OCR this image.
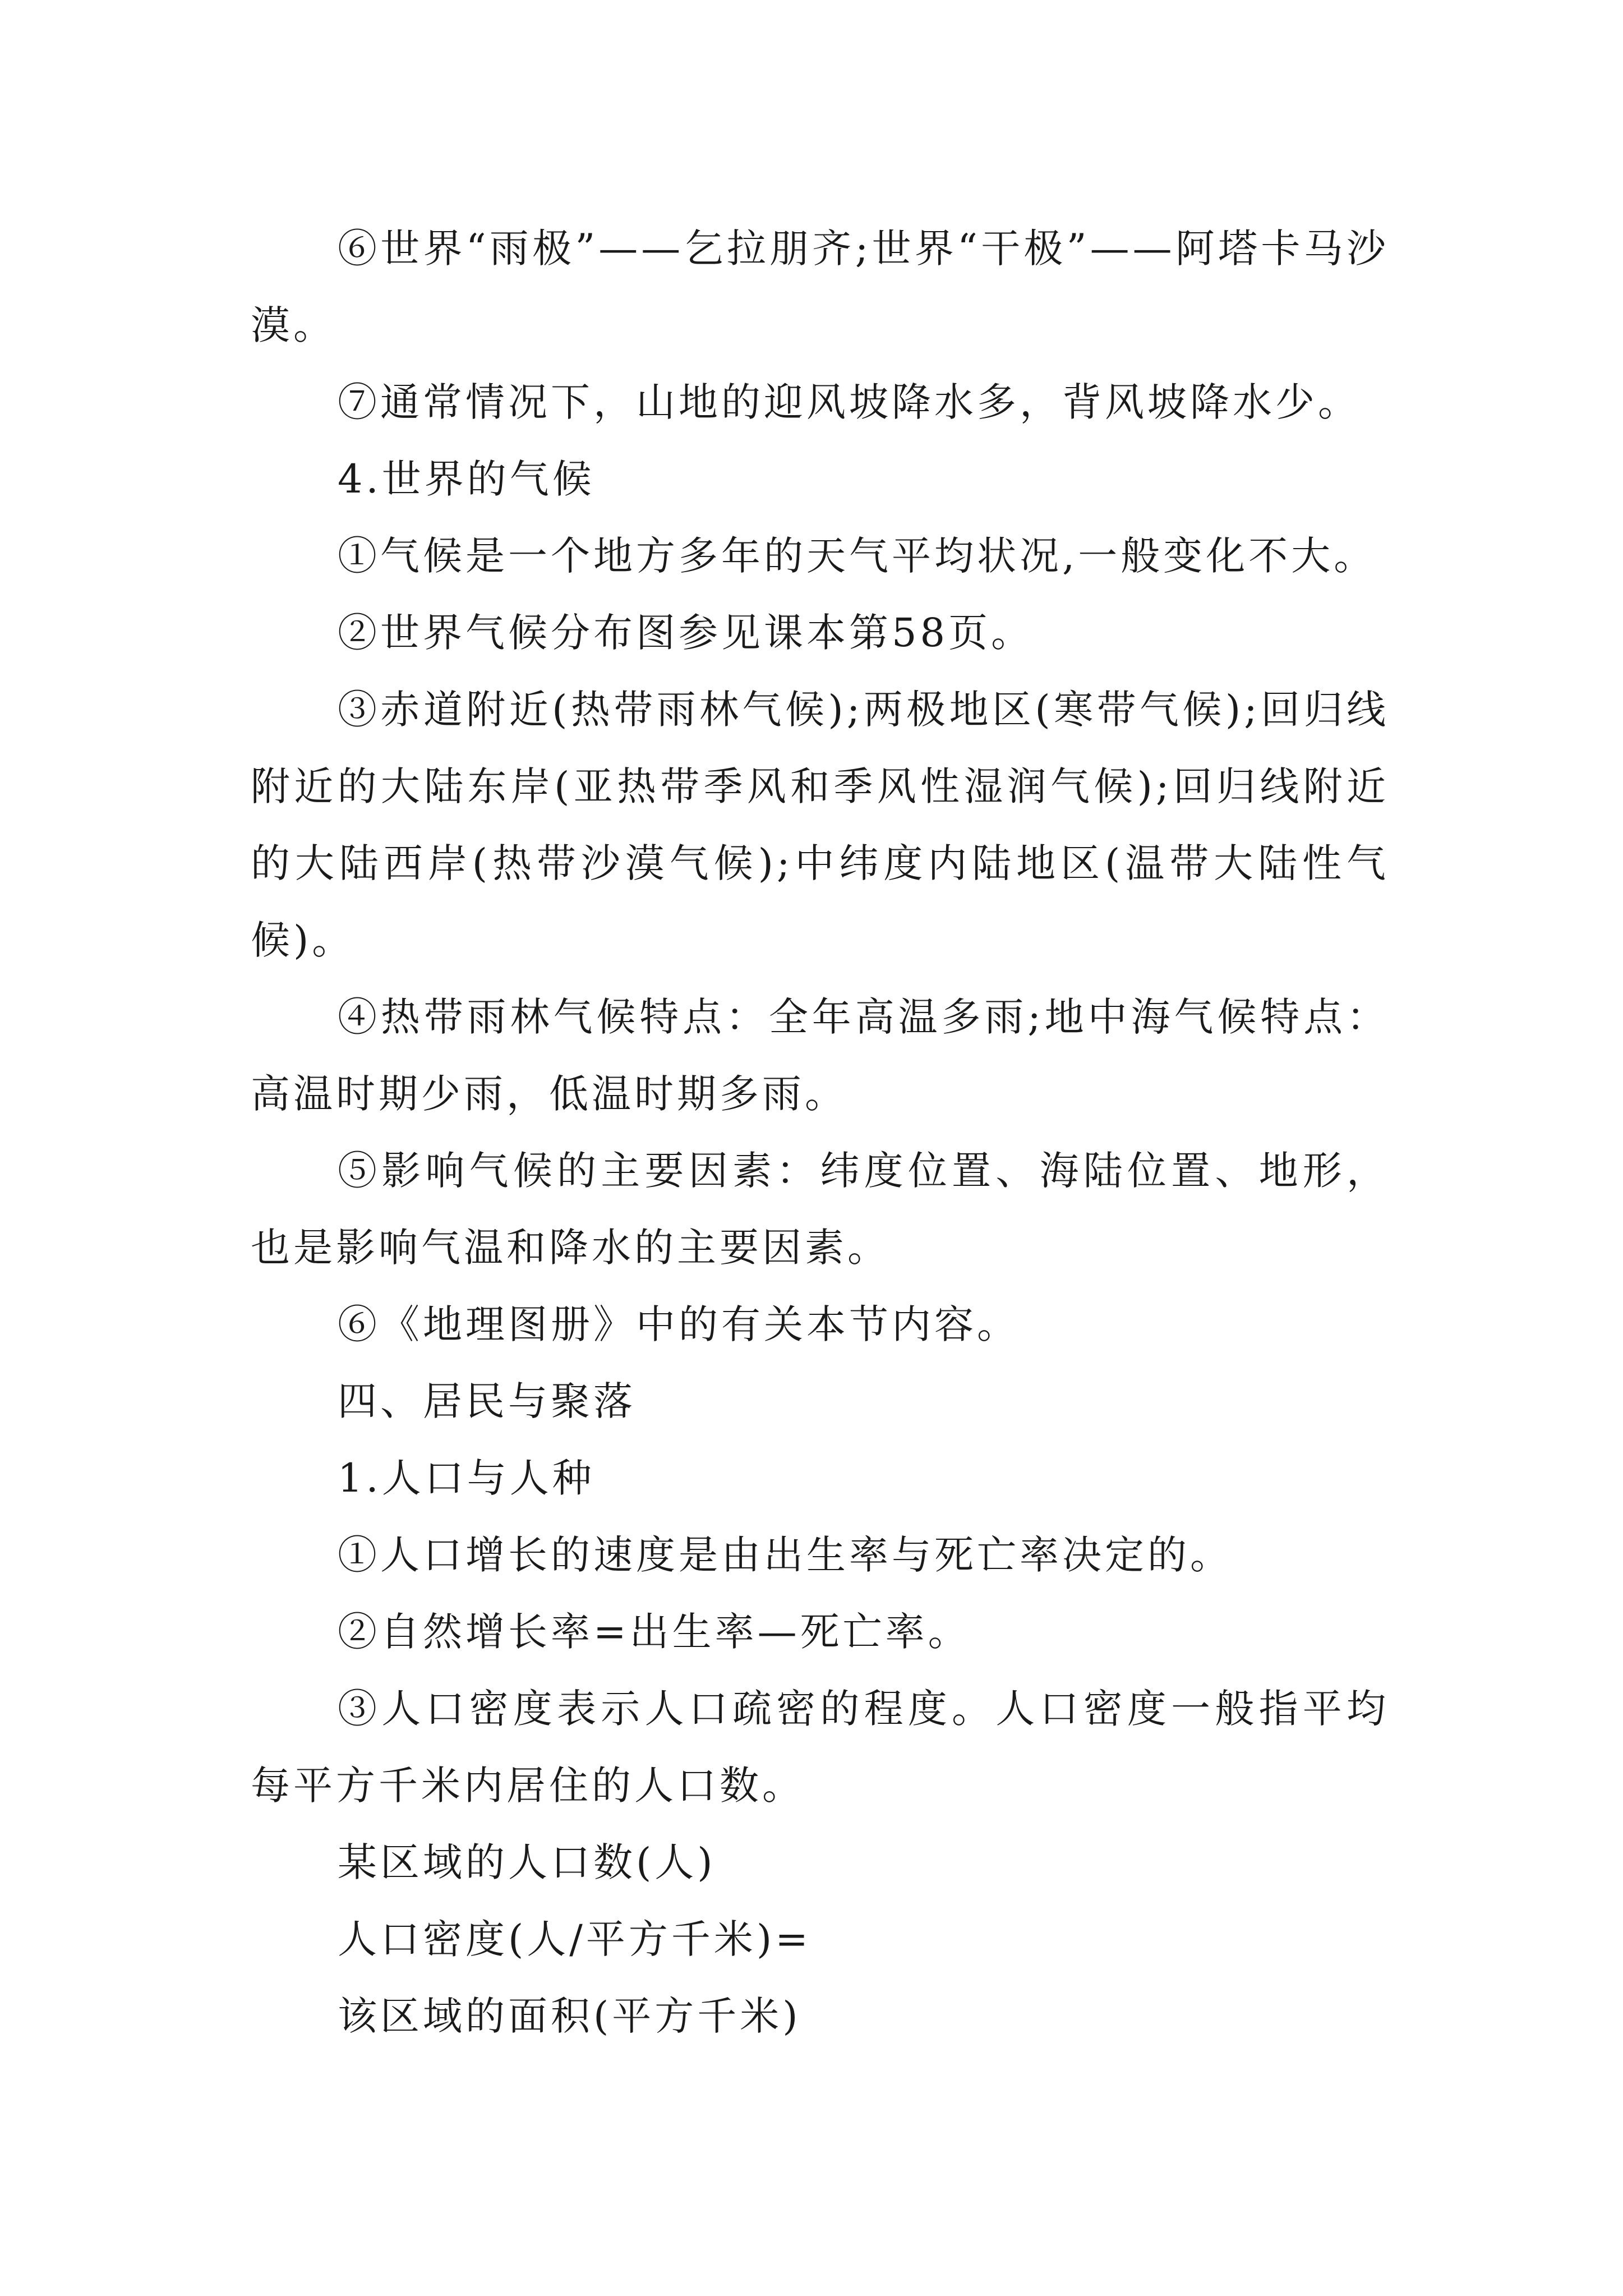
⑥世界“雨极”——乞拉朋齐;世界“干极”——阿塔卡马沙漠。

⑦通常情况下，山地的迎风坡降水多，背风坡降水少。

4.世界的气候

①气候是一个地方多年的天气平均状况,一般变化不大。

②世界气候分布图参见课本第58页。

③赤道附近(热带雨林气候);两极地区(寒带气候);回归线附近的大陆东岸(亚热带季风和季风性湿润气候);回归线附近的大陆西岸(热带沙漠气候);中纬度内陆地区(温带大陆性气候)。

④热带雨林气候特点：全年高温多雨;地中海气候特点：高温时期少雨，低温时期多雨。

⑤影响气候的主要因素：纬度位置、海陆位置、地形，也是影响气温和降水的主要因素。

⑥《地理图册》中的有关本节内容。

四、居民与聚落

1.人口与人种

①人口增长的速度是由出生率与死亡率决定的。

②自然增长率=出生率—死亡率。

③人口密度表示人口疏密的程度。人口密度一般指平均每平方千米内居住的人口数。

某区域的人口数(人)

人口密度(人/平方千米)=

该区域的面积(平方千米)
